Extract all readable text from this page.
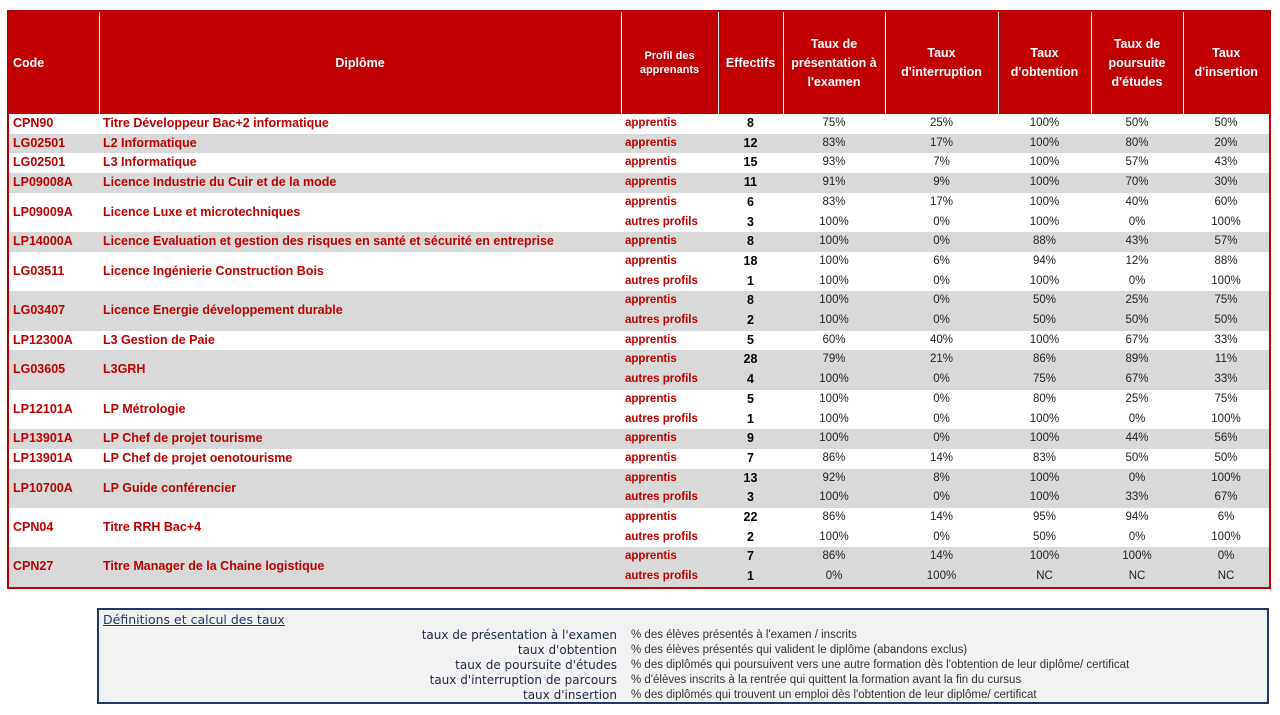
Code	Diplôme	Profil des apprenants	Effectifs	Taux de présentation à l'examen	Taux d'interruption	Taux d'obtention	Taux de poursuite d'études	Taux d'insertion
CPN90	Titre Développeur Bac+2 informatique	apprentis	8	75%	25%	100%	50%	50%
LG02501	L2 Informatique	apprentis	12	83%	17%	100%	80%	20%
LG02501	L3 Informatique	apprentis	15	93%	7%	100%	57%	43%
LP09008A	Licence Industrie du Cuir et de la mode	apprentis	11	91%	9%	100%	70%	30%
LP09009A	Licence Luxe et microtechniques	apprentis	6	83%	17%	100%	40%	60%
		autres profils	3	100%	0%	100%	0%	100%
LP14000A	Licence Evaluation et gestion des risques en santé et sécurité en entreprise	apprentis	8	100%	0%	88%	43%	57%
LG03511	Licence Ingénierie Construction Bois	apprentis	18	100%	6%	94%	12%	88%
		autres profils	1	100%	0%	100%	0%	100%
LG03407	Licence Energie développement durable	apprentis	8	100%	0%	50%	25%	75%
		autres profils	2	100%	0%	50%	50%	50%
LP12300A	L3 Gestion de Paie	apprentis	5	60%	40%	100%	67%	33%
LG03605	L3GRH	apprentis	28	79%	21%	86%	89%	11%
		autres profils	4	100%	0%	75%	67%	33%
LP12101A	LP Métrologie	apprentis	5	100%	0%	80%	25%	75%
		autres profils	1	100%	0%	100%	0%	100%
LP13901A	LP Chef de projet tourisme	apprentis	9	100%	0%	100%	44%	56%
LP13901A	LP Chef de projet oenotourisme	apprentis	7	86%	14%	83%	50%	50%
LP10700A	LP Guide conférencier	apprentis	13	92%	8%	100%	0%	100%
		autres profils	3	100%	0%	100%	33%	67%
CPN04	Titre RRH Bac+4	apprentis	22	86%	14%	95%	94%	6%
		autres profils	2	100%	0%	50%	0%	100%
CPN27	Titre Manager de la Chaine logistique	apprentis	7	86%	14%	100%	100%	0%
		autres profils	1	0%	100%	NC	NC	NC
Définitions et calcul des taux
taux de présentation à l'examen % des élèves présentés à l'examen / inscrits
taux d'obtention % des élèves présentés qui valident le diplôme (abandons exclus)
taux de poursuite d'études % des diplômés qui poursuivent vers une autre formation dès l'obtention de leur diplôme/ certificat
taux d'interruption de parcours % d'élèves inscrits à la rentrée qui quittent la formation avant la fin du cursus
taux d'insertion % des diplômés qui trouvent un emploi dès l'obtention de leur diplôme/ certificat
